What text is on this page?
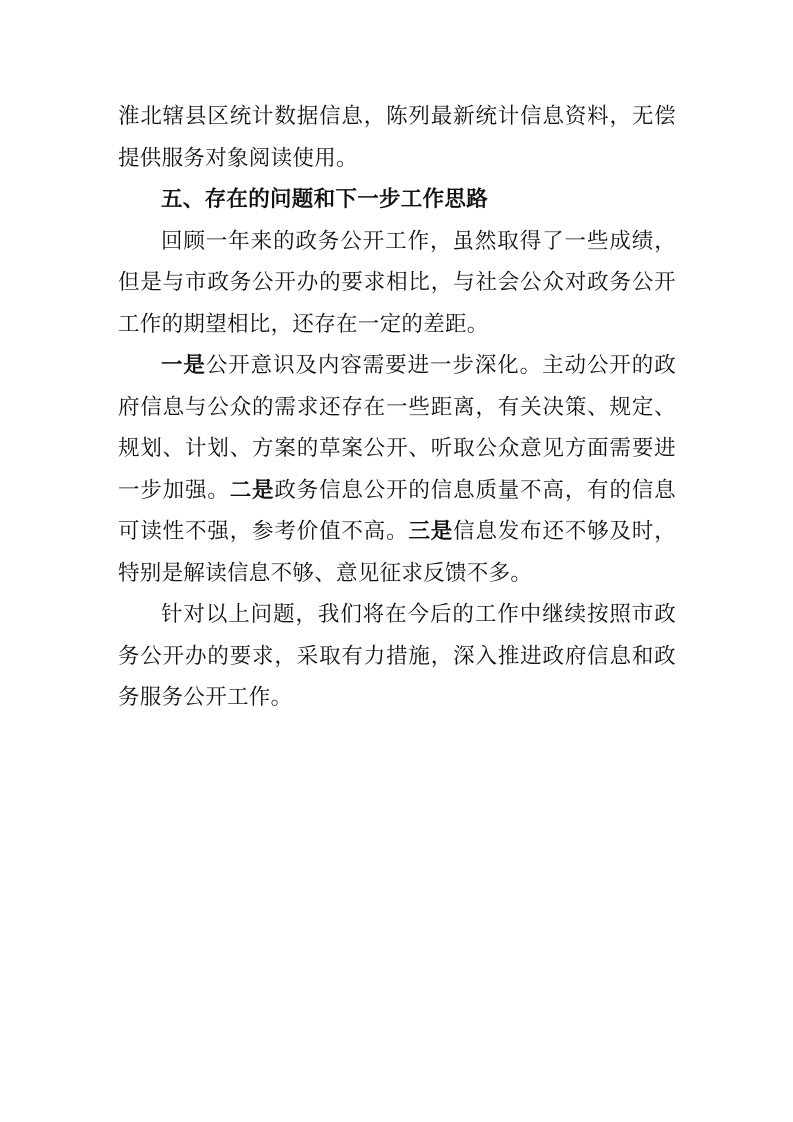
淮北辖县区统计数据信息，陈列最新统计信息资料，无偿提供服务对象阅读使用。

五、存在的问题和下一步工作思路

回顾一年来的政务公开工作，虽然取得了一些成绩，但是与市政务公开办的要求相比，与社会公众对政务公开工作的期望相比，还存在一定的差距。

一是公开意识及内容需要进一步深化。主动公开的政府信息与公众的需求还存在一些距离，有关决策、规定、规划、计划、方案的草案公开、听取公众意见方面需要进一步加强。二是政务信息公开的信息质量不高，有的信息可读性不强，参考价值不高。三是信息发布还不够及时，特别是解读信息不够、意见征求反馈不多。

针对以上问题，我们将在今后的工作中继续按照市政务公开办的要求，采取有力措施，深入推进政府信息和政务服务公开工作。
